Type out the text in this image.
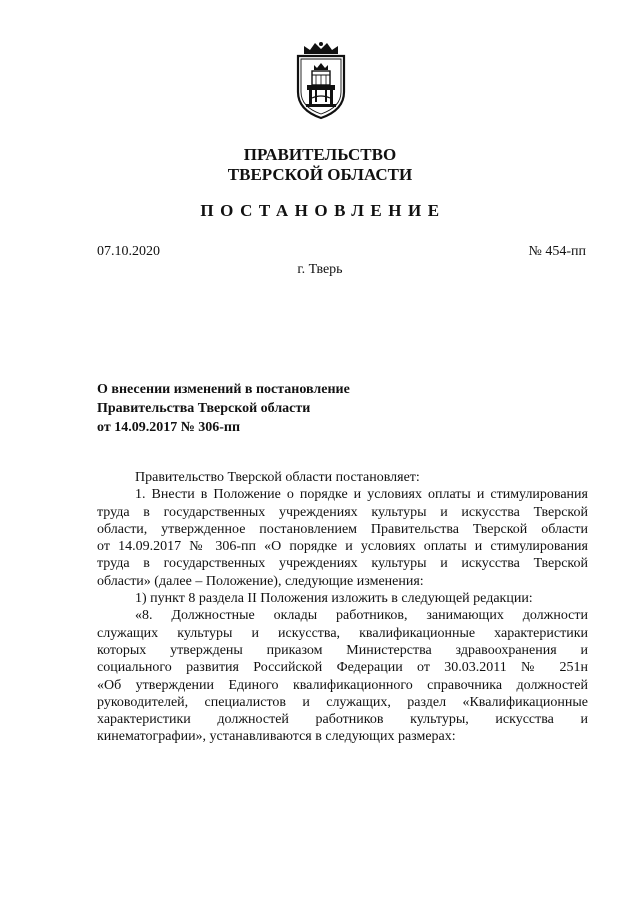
ПРАВИТЕЛЬСТВО
ТВЕРСКОЙ ОБЛАСТИ
ПОСТАНОВЛЕНИЕ
07.10.2020	№ 454-пп
г. Тверь
О внесении изменений в постановление
Правительства Тверской области
от 14.09.2017 № 306-пп
Правительство Тверской области постановляет:
1. Внести в Положение о порядке и условиях оплаты и стимулирования
труда в государственных учреждениях культуры и искусства Тверской
области, утвержденное постановлением Правительства Тверской области
от 14.09.2017 № 306-пп «О порядке и условиях оплаты и стимулирования
труда в государственных учреждениях культуры и искусства Тверской
области» (далее – Положение), следующие изменения:
1) пункт 8 раздела II Положения изложить в следующей редакции:
«8. Должностные оклады работников, занимающих должности
служащих культуры и искусства, квалификационные характеристики
которых утверждены приказом Министерства здравоохранения и
социального развития Российской Федерации от 30.03.2011 № 251н
«Об утверждении Единого квалификационного справочника должностей
руководителей, специалистов и служащих, раздел «Квалификационные
характеристики должностей работников культуры, искусства и
кинематографии», устанавливаются в следующих размерах:
